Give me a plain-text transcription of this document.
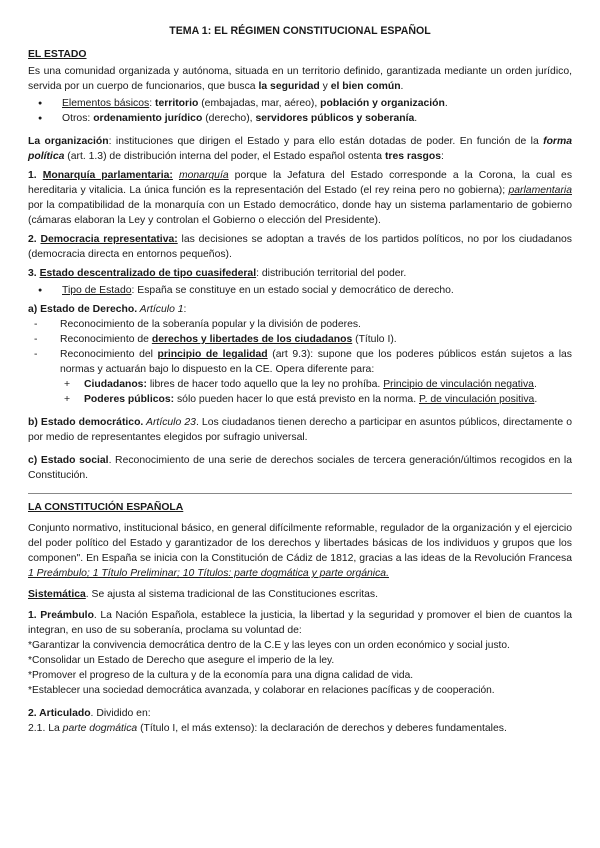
TEMA 1: EL RÉGIMEN CONSTITUCIONAL ESPAÑOL

EL ESTADO

Es una comunidad organizada y autónoma, situada en un territorio definido, garantizada mediante un orden jurídico, servida por un cuerpo de funcionarios, que busca la seguridad y el bien común.

● Elementos básicos: territorio (embajadas, mar, aéreo), población y organización.
● Otros: ordenamiento jurídico (derecho), servidores públicos y soberanía.

La organización: instituciones que dirigen el Estado y para ello están dotadas de poder. En función de la forma política (art. 1.3) de distribución interna del poder, el Estado español ostenta tres rasgos:

1. Monarquía parlamentaria: monarquía porque la Jefatura del Estado corresponde a la Corona, la cual es hereditaria y vitalicia. La única función es la representación del Estado (el rey reina pero no gobierna); parlamentaria por la compatibilidad de la monarquía con un Estado democrático, donde hay un sistema parlamentario de gobierno (cámaras elaboran la Ley y controlan el Gobierno o elección del Presidente).

2. Democracia representativa: las decisiones se adoptan a través de los partidos políticos, no por los ciudadanos (democracia directa en entornos pequeños).

3. Estado descentralizado de tipo cuasifederal: distribución territorial del poder.

● Tipo de Estado: España se constituye en un estado social y democrático de derecho.

a) Estado de Derecho. Artículo 1:

- Reconocimiento de la soberanía popular y la división de poderes.
- Reconocimiento de derechos y libertades de los ciudadanos (Título I).
- Reconocimiento del principio de legalidad (art 9.3): supone que los poderes públicos están sujetos a las normas y actuarán bajo lo dispuesto en la CE. Opera diferente para:
+ Ciudadanos: libres de hacer todo aquello que la ley no prohíba. Principio de vinculación negativa.
+ Poderes públicos: sólo pueden hacer lo que está previsto en la norma. P. de vinculación positiva.

b) Estado democrático. Artículo 23. Los ciudadanos tienen derecho a participar en asuntos públicos, directamente o por medio de representantes elegidos por sufragio universal.

c) Estado social. Reconocimiento de una serie de derechos sociales de tercera generación/últimos recogidos en la Constitución.

LA CONSTITUCIÓN ESPAÑOLA

Conjunto normativo, institucional básico, en general difícilmente reformable, regulador de la organización y el ejercicio del poder político del Estado y garantizador de los derechos y libertades básicas de los individuos y grupos que los componen". En España se inicia con la Constitución de Cádiz de 1812, gracias a las ideas de la Revolución Francesa 1 Preámbulo; 1 Título Preliminar; 10 Títulos: parte dogmática y parte orgánica.

Sistemática. Se ajusta al sistema tradicional de las Constituciones escritas.

1. Preámbulo. La Nación Española, establece la justicia, la libertad y la seguridad y promover el bien de cuantos la integran, en uso de su soberanía, proclama su voluntad de:

*Garantizar la convivencia democrática dentro de la C.E y las leyes con un orden económico y social justo.

*Consolidar un Estado de Derecho que asegure el imperio de la ley.

*Promover el progreso de la cultura y de la economía para una digna calidad de vida.

*Establecer una sociedad democrática avanzada, y colaborar en relaciones pacíficas y de cooperación.

2. Articulado. Dividido en:

2.1. La parte dogmática (Título I, el más extenso): la declaración de derechos y deberes fundamentales.
